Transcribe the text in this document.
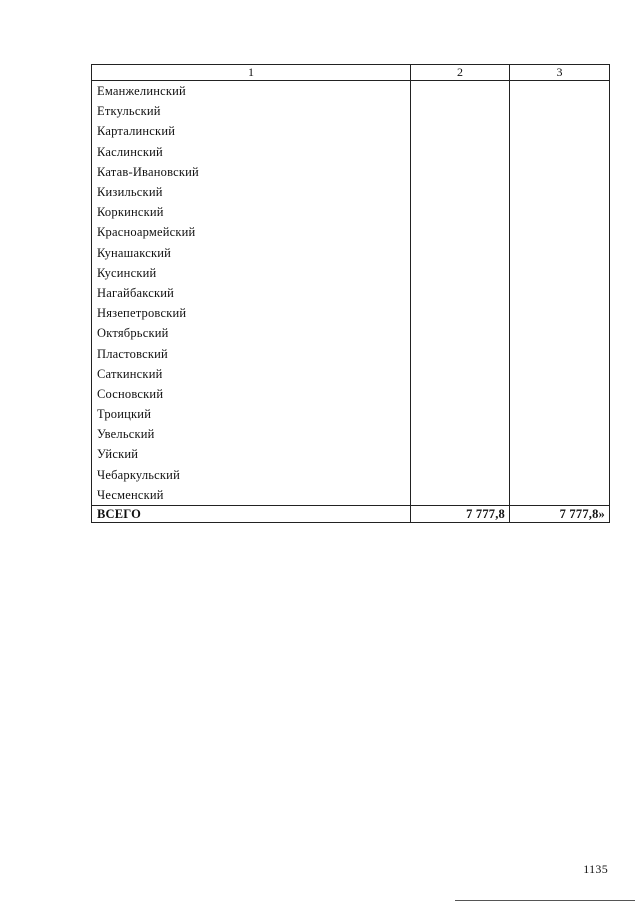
1	2	3
Еманжелинский		
Еткульский		
Карталинский		
Каслинский		
Катав-Ивановский		
Кизильский		
Коркинский		
Красноармейский		
Кунашакский		
Кусинский		
Нагайбакский		
Нязепетровский		
Октябрьский		
Пластовский		
Саткинский		
Сосновский		
Троицкий		
Увельский		
Уйский		
Чебаркульский		
Чесменский		
ВСЕГО	7 777,8	7 777,8»
1135
